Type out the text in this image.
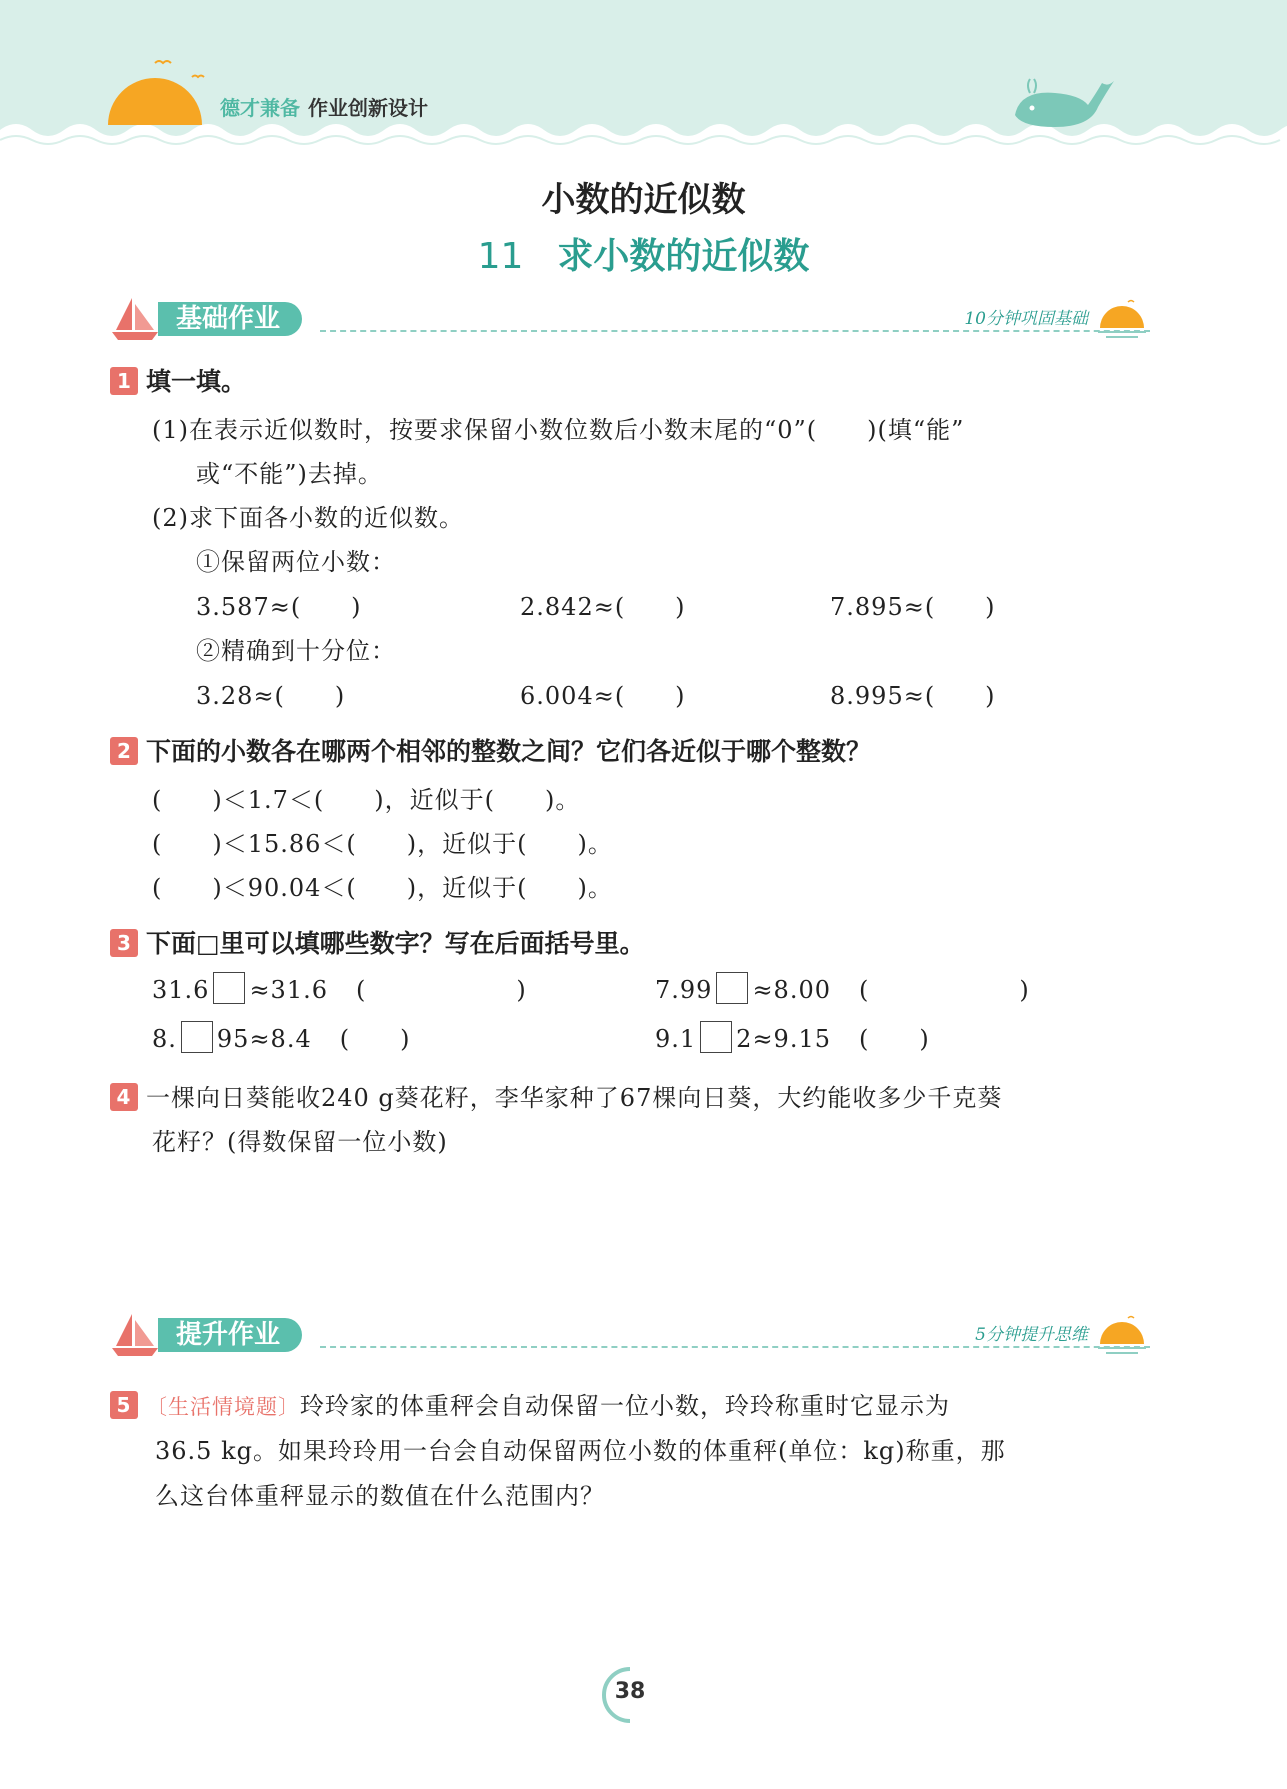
德才兼备 作业创新设计
小数的近似数
11 求小数的近似数
基础作业	10分钟巩固基础
1 填一填。
(1)在表示近似数时，按要求保留小数位数后小数末尾的“0”(　　)(填“能”
或“不能”)去掉。
(2)求下面各小数的近似数。
①保留两位小数：
3.587≈(　　)	2.842≈(　　)	7.895≈(　　)
②精确到十分位：
3.28≈(　　)	6.004≈(　　)	8.995≈(　　)
2 下面的小数各在哪两个相邻的整数之间？它们各近似于哪个整数？
(　　)＜1.7＜(　　)，近似于(　　)。
(　　)＜15.86＜(　　)，近似于(　　)。
(　　)＜90.04＜(　　)，近似于(　　)。
3 下面□里可以填哪些数字？写在后面括号里。
31.6 ≈31.6 (　　　　　　)	7.99 ≈8.00 (　　　　　　)
8. 95≈8.4 (　　)	9.1 2≈9.15 (　　)
4 一棵向日葵能收240 g葵花籽，李华家种了67棵向日葵，大约能收多少千克葵
花籽？(得数保留一位小数)
提升作业	5分钟提升思维
5 〔生活情境题〕玲玲家的体重秤会自动保留一位小数，玲玲称重时它显示为
36.5 kg。如果玲玲用一台会自动保留两位小数的体重秤(单位：kg)称重，那
么这台体重秤显示的数值在什么范围内？
38
